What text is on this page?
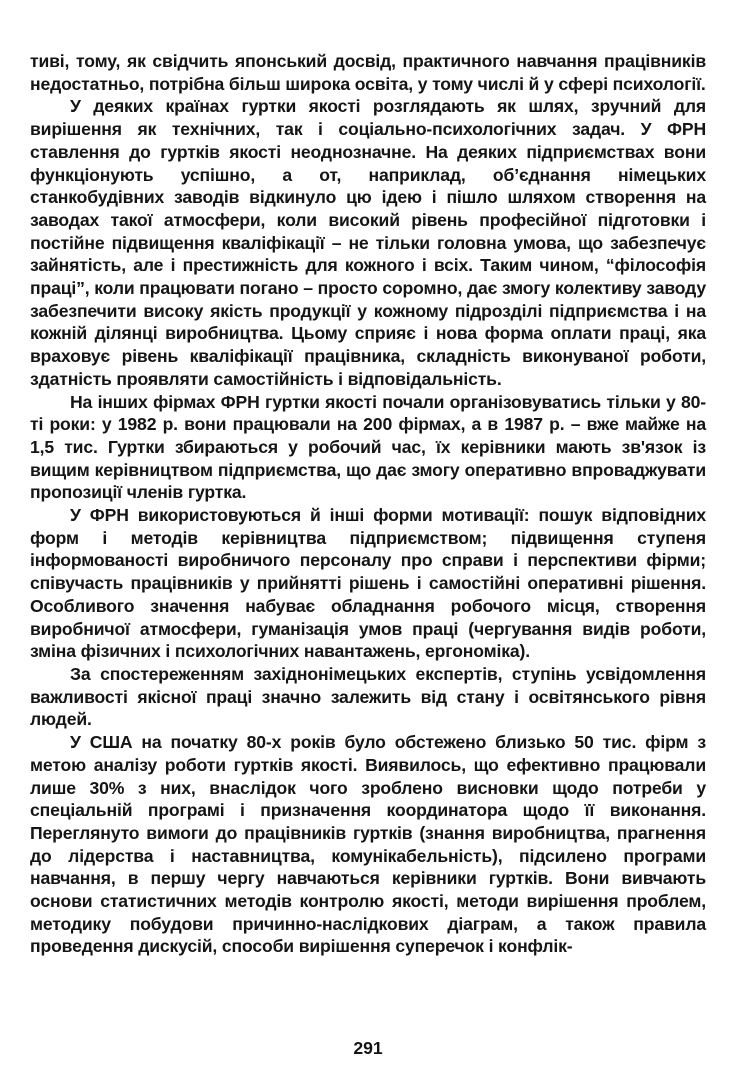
тиві, тому, як свідчить японський досвід, практичного навчання працівників недостатньо, потрібна більш широка освіта, у тому числі й у сфері психології.

У деяких країнах гуртки якості розглядають як шлях, зручний для вирішення як технічних, так і соціально-психологічних задач. У ФРН ставлення до гуртків якості неоднозначне. На деяких підприємствах вони функціонують успішно, а от, наприклад, об’єднання німецьких станкобудівних заводів відкинуло цю ідею і пішло шляхом створення на заводах такої атмосфери, коли високий рівень професійної підготовки і постійне підвищення кваліфікації – не тільки головна умова, що забезпечує зайнятість, але і престижність для кожного і всіх. Таким чином, “філософія праці”, коли працювати погано – просто соромно, дає змогу колективу заводу забезпечити високу якість продукції у кожному підрозділі підприємства і на кожній ділянці виробництва. Цьому сприяє і нова форма оплати праці, яка враховує рівень кваліфікації працівника, складність виконуваної роботи, здатність проявляти самостійність і відповідальність.

На інших фірмах ФРН гуртки якості почали організовуватись тільки у 80-ті роки: у 1982 р. вони працювали на 200 фірмах, а в 1987 р. – вже майже на 1,5 тис. Гуртки збираються у робочий час, їх керівники мають зв'язок із вищим керівництвом підприємства, що дає змогу оперативно впроваджувати пропозиції членів гуртка.

У ФРН використовуються й інші форми мотивації: пошук відповідних форм і методів керівництва підприємством; підвищення ступеня інформованості виробничого персоналу про справи і перспективи фірми; співучасть працівників у прийнятті рішень і самостійні оперативні рішення. Особливого значення набуває обладнання робочого місця, створення виробничої атмосфери, гуманізація умов праці (чергування видів роботи, зміна фізичних і психологічних навантажень, ергономіка).

За спостереженням західнонімецьких експертів, ступінь усвідомлення важливості якісної праці значно залежить від стану і освітянського рівня людей.

У США на початку 80-х років було обстежено близько 50 тис. фірм з метою аналізу роботи гуртків якості. Виявилось, що ефективно працювали лише 30% з них, внаслідок чого зроблено висновки щодо потреби у спеціальній програмі і призначення координатора щодо її виконання. Переглянуто вимоги до працівників гуртків (знання виробництва, прагнення до лідерства і наставництва, комунікабельність), підсилено програми навчання, в першу чергу навчаються керівники гуртків. Вони вивчають основи статистичних методів контролю якості, методи вирішення проблем, методику побудови причинно-наслідкових діаграм, а також правила проведення дискусій, способи вирішення суперечок і конфлік-

291
